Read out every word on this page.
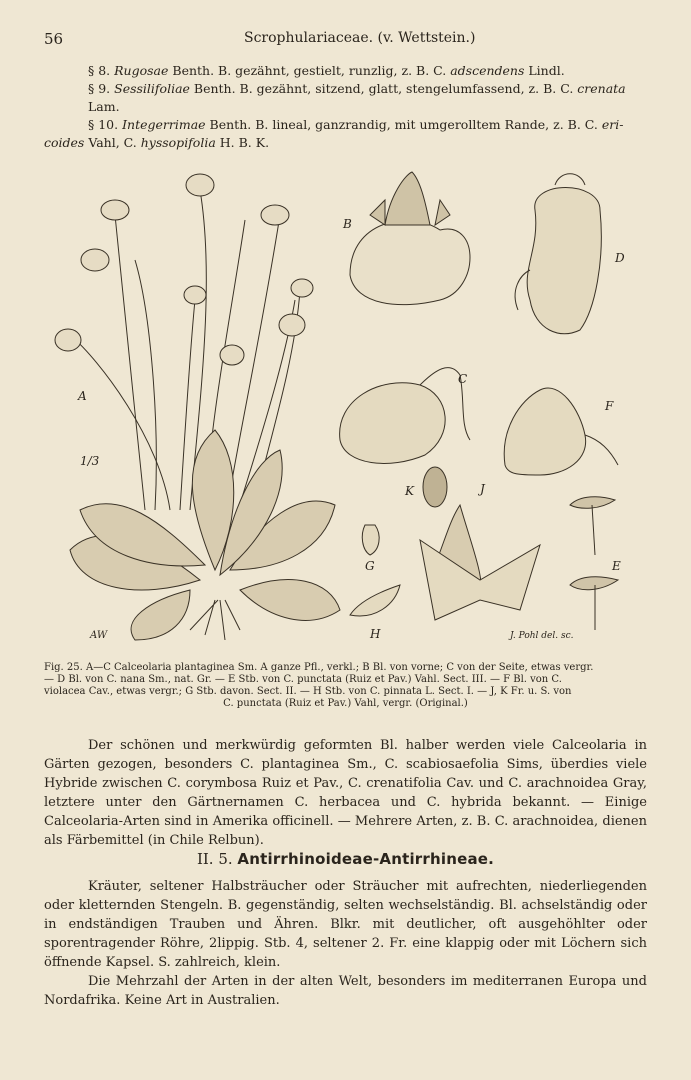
56	Scrophulariaceae. (v. Wettstein.)

§ 8. Rugosae Benth. B. gezähnt, gestielt, runzlig, z. B. C. adscendens Lindl.

§ 9. Sessilifoliae Benth. B. gezähnt, sitzend, glatt, stengelumfassend, z. B. C. crenata Lam.

§ 10. Integerrimae Benth. B. lineal, ganzrandig, mit umgerolltem Rande, z. B. C. eri-

coides Vahl, C. hyssopifolia H. B. K.

A
1/3
B
D
C
F
K	J
E
G
H
AW	J. Pohl del. sc.

Fig. 25. A—C Calceolaria plantaginea Sm. A ganze Pfl., verkl.; B Bl. von vorne; C von der Seite, etwas vergr.

— D Bl. von C. nana Sm., nat. Gr. — E Stb. von C. punctata (Ruiz et Pav.) Vahl. Sect. III. — F Bl. von C.

violacea Cav., etwas vergr.; G Stb. davon. Sect. II. — H Stb. von C. pinnata L. Sect. I. — J, K Fr. u. S. von

C. punctata (Ruiz et Pav.) Vahl, vergr. (Original.)

Der schönen und merkwürdig geformten Bl. halber werden viele Calceolaria in Gärten gezogen, besonders C. plantaginea Sm., C. scabiosaefolia Sims, überdies viele Hybride zwischen C. corymbosa Ruiz et Pav., C. crenatifolia Cav. und C. arachnoidea Gray, letztere unter den Gärtnernamen C. herbacea und C. hybrida bekannt. — Einige Calceolaria-Arten sind in Amerika officinell. — Mehrere Arten, z. B. C. arachnoidea, dienen als Färbemittel (in Chile Relbun).

II. 5. Antirrhinoideae-Antirrhineae.

Kräuter, seltener Halbsträucher oder Sträucher mit aufrechten, niederliegenden oder kletternden Stengeln. B. gegenständig, selten wechselständig. Bl. achselständig oder in endständigen Trauben und Ähren. Blkr. mit deutlicher, oft ausgehöhlter oder sporentragender Röhre, 2lippig. Stb. 4, seltener 2. Fr. eine klappig oder mit Löchern sich öffnende Kapsel. S. zahlreich, klein.

Die Mehrzahl der Arten in der alten Welt, besonders im mediterranen Europa und Nordafrika. Keine Art in Australien.
